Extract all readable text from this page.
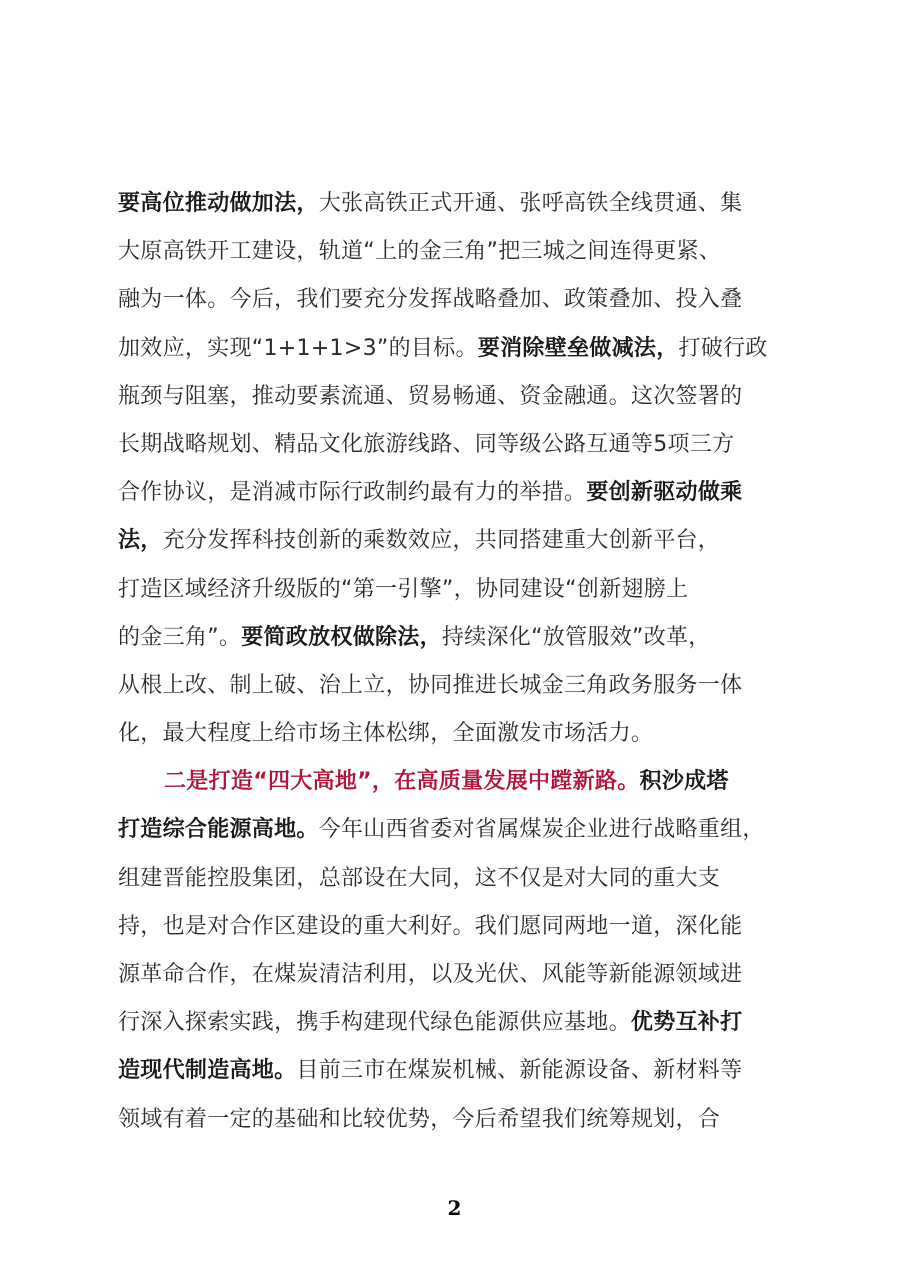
要高位推动做加法，大张高铁正式开通、张呼高铁全线贯通、集
大原高铁开工建设，轨道“上的金三角”把三城之间连得更紧、
融为一体。今后，我们要充分发挥战略叠加、政策叠加、投入叠
加效应，实现“1+1+1>3”的目标。要消除壁垒做减法，打破行政
瓶颈与阻塞，推动要素流通、贸易畅通、资金融通。这次签署的
长期战略规划、精品文化旅游线路、同等级公路互通等5项三方
合作协议，是消减市际行政制约最有力的举措。要创新驱动做乘
法，充分发挥科技创新的乘数效应，共同搭建重大创新平台，
打造区域经济升级版的“第一引擎”，协同建设“创新翅膀上
的金三角”。要简政放权做除法，持续深化“放管服效”改革，
从根上改、制上破、治上立，协同推进长城金三角政务服务一体
化，最大程度上给市场主体松绑，全面激发市场活力。
二是打造“四大高地”，在高质量发展中蹚新路。积沙成塔
打造综合能源高地。今年山西省委对省属煤炭企业进行战略重组，
组建晋能控股集团，总部设在大同，这不仅是对大同的重大支
持，也是对合作区建设的重大利好。我们愿同两地一道，深化能
源革命合作，在煤炭清洁利用，以及光伏、风能等新能源领域进
行深入探索实践，携手构建现代绿色能源供应基地。优势互补打
造现代制造高地。目前三市在煤炭机械、新能源设备、新材料等
领域有着一定的基础和比较优势，今后希望我们统筹规划，合
2
